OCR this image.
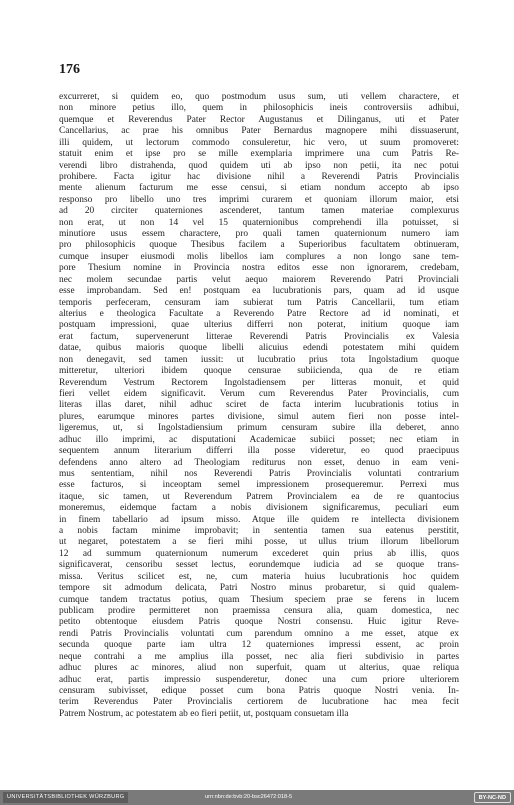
176
excurreret, si quidem eo, quo postmodum usus sum, uti vellem charactere, et
non minore petius illo, quem in philosophicis ineis controversiis adhibui,
quemque et Reverendus Pater Rector Augustanus et Dilinganus, uti et Pater
Cancellarius, ac prae his omnibus Pater Bernardus magnopere mihi dissuaserunt,
illi quidem, ut lectorum commodo consuleretur, hic vero, ut suum promoveret:
statuit enim et ipse pro se mille exemplaria imprimere una cum Patris Re-
verendi libro distrahenda, quod quidem uti ab ipso non petii, ita nec potui
prohibere. Facta igitur hac divisione nihil a Reverendi Patris Provincialis
mente alienum facturum me esse censui, si etiam nondum accepto ab ipso
responso pro libello uno tres imprimi curarem et quoniam illorum maior, etsi
ad 20 circiter quaterniones ascenderet, tantum tamen materiae complexurus
non erat, ut non 14 vel 15 quaternionibus comprehendi illa potuisset, si
minutiore usus essem charactere, pro quali tamen quaternionum numero iam
pro philosophicis quoque Thesibus facilem a Superioribus facultatem obtinueram,
cumque insuper eiusmodi molis libellos iam complures a non longo sane tem-
pore Thesium nomine in Provincia nostra editos esse non ignorarem, credebam,
nec molem secundae partis velut aequo maiorem Reverendo Patri Provinciali
esse improbandam. Sed en! postquam ea lucubrationis pars, quam ad id usque
temporis perfeceram, censuram iam subierat tum Patris Cancellarii, tum etiam
alterius e theologica Facultate a Reverendo Patre Rectore ad id nominati, et
postquam impressioni, quae ulterius differri non poterat, initium quoque iam
erat factum, supervenerunt litterae Reverendi Patris Provincialis ex Valesia
datae, quibus maioris quoque libelli alicuius edendi potestatem mihi quidem
non denegavit, sed tamen iussit: ut lucubratio prius tota Ingolstadium quoque
mitteretur, ulteriori ibidem quoque censurae subiicienda, qua de re etiam
Reverendum Vestrum Rectorem Ingolstadiensem per litteras monuit, et quid
fieri vellet eidem significavit. Verum cum Reverendus Pater Provincialis, cum
literas illas daret, nihil adhuc sciret de facta interim lucubrationis totius in
plures, earumque minores partes divisione, simul autem fieri non posse intel-
ligeremus, ut, si Ingolstadiensium primum censuram subire illa deberet, anno
adhuc illo imprimi, ac disputationi Academicae subiici posset; nec etiam in
sequentem annum literarium differri illa posse videretur, eo quod praecipuus
defendens anno altero ad Theologiam rediturus non esset, denuo in eam veni-
mus sententiam, nihil nos Reverendi Patris Provincialis voluntati contrarium
esse facturos, si inceoptam semel impressionem prosequeremur. Perrexi mus
itaque, sic tamen, ut Reverendum Patrem Provincialem ea de re quantocius
moneremus, eidemque factam a nobis divisionem significaremus, peculiari eum
in finem tabellario ad ipsum misso. Atque ille quidem re intellecta divisionem
a nobis factam minime improbavit; in sententia tamen sua eatenus perstitit,
ut negaret, potestatem a se fieri mihi posse, ut ullus trium illorum libellorum
12 ad summum quaternionum numerum excederet quin prius ab illis, quos
significaverat, censoribu sesset lectus, eorundemque iudicia ad se quoque trans-
missa. Veritus scilicet est, ne, cum materia huius lucubrationis hoc quidem
tempore sit admodum delicata, Patri Nostro minus probaretur, si quid qualem-
cumque tandem tractatus potius, quam Thesium speciem prae se ferens in lucem
publicam prodire permitteret non praemissa censura alia, quam domestica, nec
petito obtentoque eiusdem Patris quoque Nostri consensu. Huic igitur Reve-
rendi Patris Provincialis voluntati cum parendum omnino a me esset, atque ex
secunda quoque parte iam ultra 12 quaterniones impressi essent, ac proin
neque contrahi a me amplius illa posset, nec alia fieri subdivisio in partes
adhuc plures ac minores, aliud non superfuit, quam ut alterius, quae reliqua
adhuc erat, partis impressio suspenderetur, donec una cum priore ulteriorem
censuram subivisset, edique posset cum bona Patris quoque Nostri venia. In-
terim Reverendus Pater Provincialis certiorem de lucubratione hac mea fecit
Patrem Nostrum, ac potestatem ab eo fieri petiit, ut, postquam consuetam illa
UNIVERSITÄTSBIBLIOTHEK WÜRZBURG	urn:nbn:de:bvb:20-bsc26472:018-5	BY-NC-ND
